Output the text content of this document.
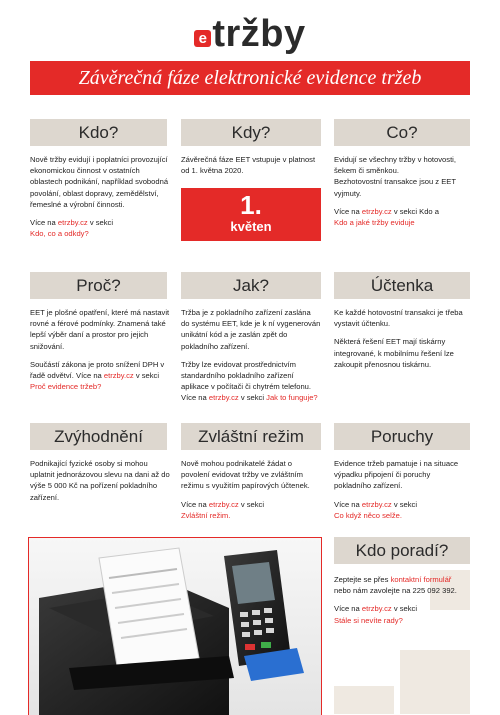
e tržby
Závěrečná fáze elektronické evidence tržeb
Kdo?

Nově tržby evidují i poplatníci provozující ekonomickou činnost v ostatních oblastech podnikání, například svobodná povolání, oblast dopravy, zemědělství, řemeslné a výrobní činnosti.

Více na etrzby.cz v sekci
Kdo, co a odkdy?

Kdy?

Závěrečná fáze EET vstupuje v platnost od 1. května 2020.

1.
květen
Co?

Evidují se všechny tržby v hotovosti, šekem či směnkou.

Bezhotovostní transakce jsou z EET vyjmuty.

Více na etrzby.cz v sekci Kdo a
Kdo a jaké tržby eviduje

Proč?

EET je plošné opatření, které má nastavit rovné a férové podmínky. Znamená také lepší výběr daní a prostor pro jejich snižování.

Součástí zákona je proto snížení DPH v řadě odvětví. Více na etrzby.cz v sekci Proč evidence tržeb?

Jak?

Tržba je z pokladního zařízení zaslána do systému EET, kde je k ní vygenerován unikátní kód a je zaslán zpět do pokladního zařízení.

Tržby lze evidovat prostřednictvím standardního pokladního zařízení aplikace v počítači či chytrém telefonu. Více na etrzby.cz v sekci Jak to funguje?

Účtenka

Ke každé hotovostní transakci je třeba vystavit účtenku.

Některá řešení EET mají tiskárny integrované, k mobilnímu řešení lze zakoupit přenosnou tiskárnu.

Zvýhodnění

Podnikající fyzické osoby si mohou uplatnit jednorázovou slevu na dani až do výše 5 000 Kč na pořízení pokladního zařízení.

Zvláštní režim

Nově mohou podnikatelé žádat o povolení evidovat tržby ve zvláštním režimu s využitím papírových účtenek.

Více na etrzby.cz v sekci
Zvláštní režim.

Poruchy

Evidence tržeb pamatuje i na situace výpadku připojení či poruchy pokladního zařízení.

Více na etrzby.cz v sekci
Co když něco selže.

Kdo poradí?

Zeptejte se přes kontaktní formulář nebo nám zavolejte na 225 092 392.

Více na etrzby.cz v sekci
Stále si nevíte rady?
